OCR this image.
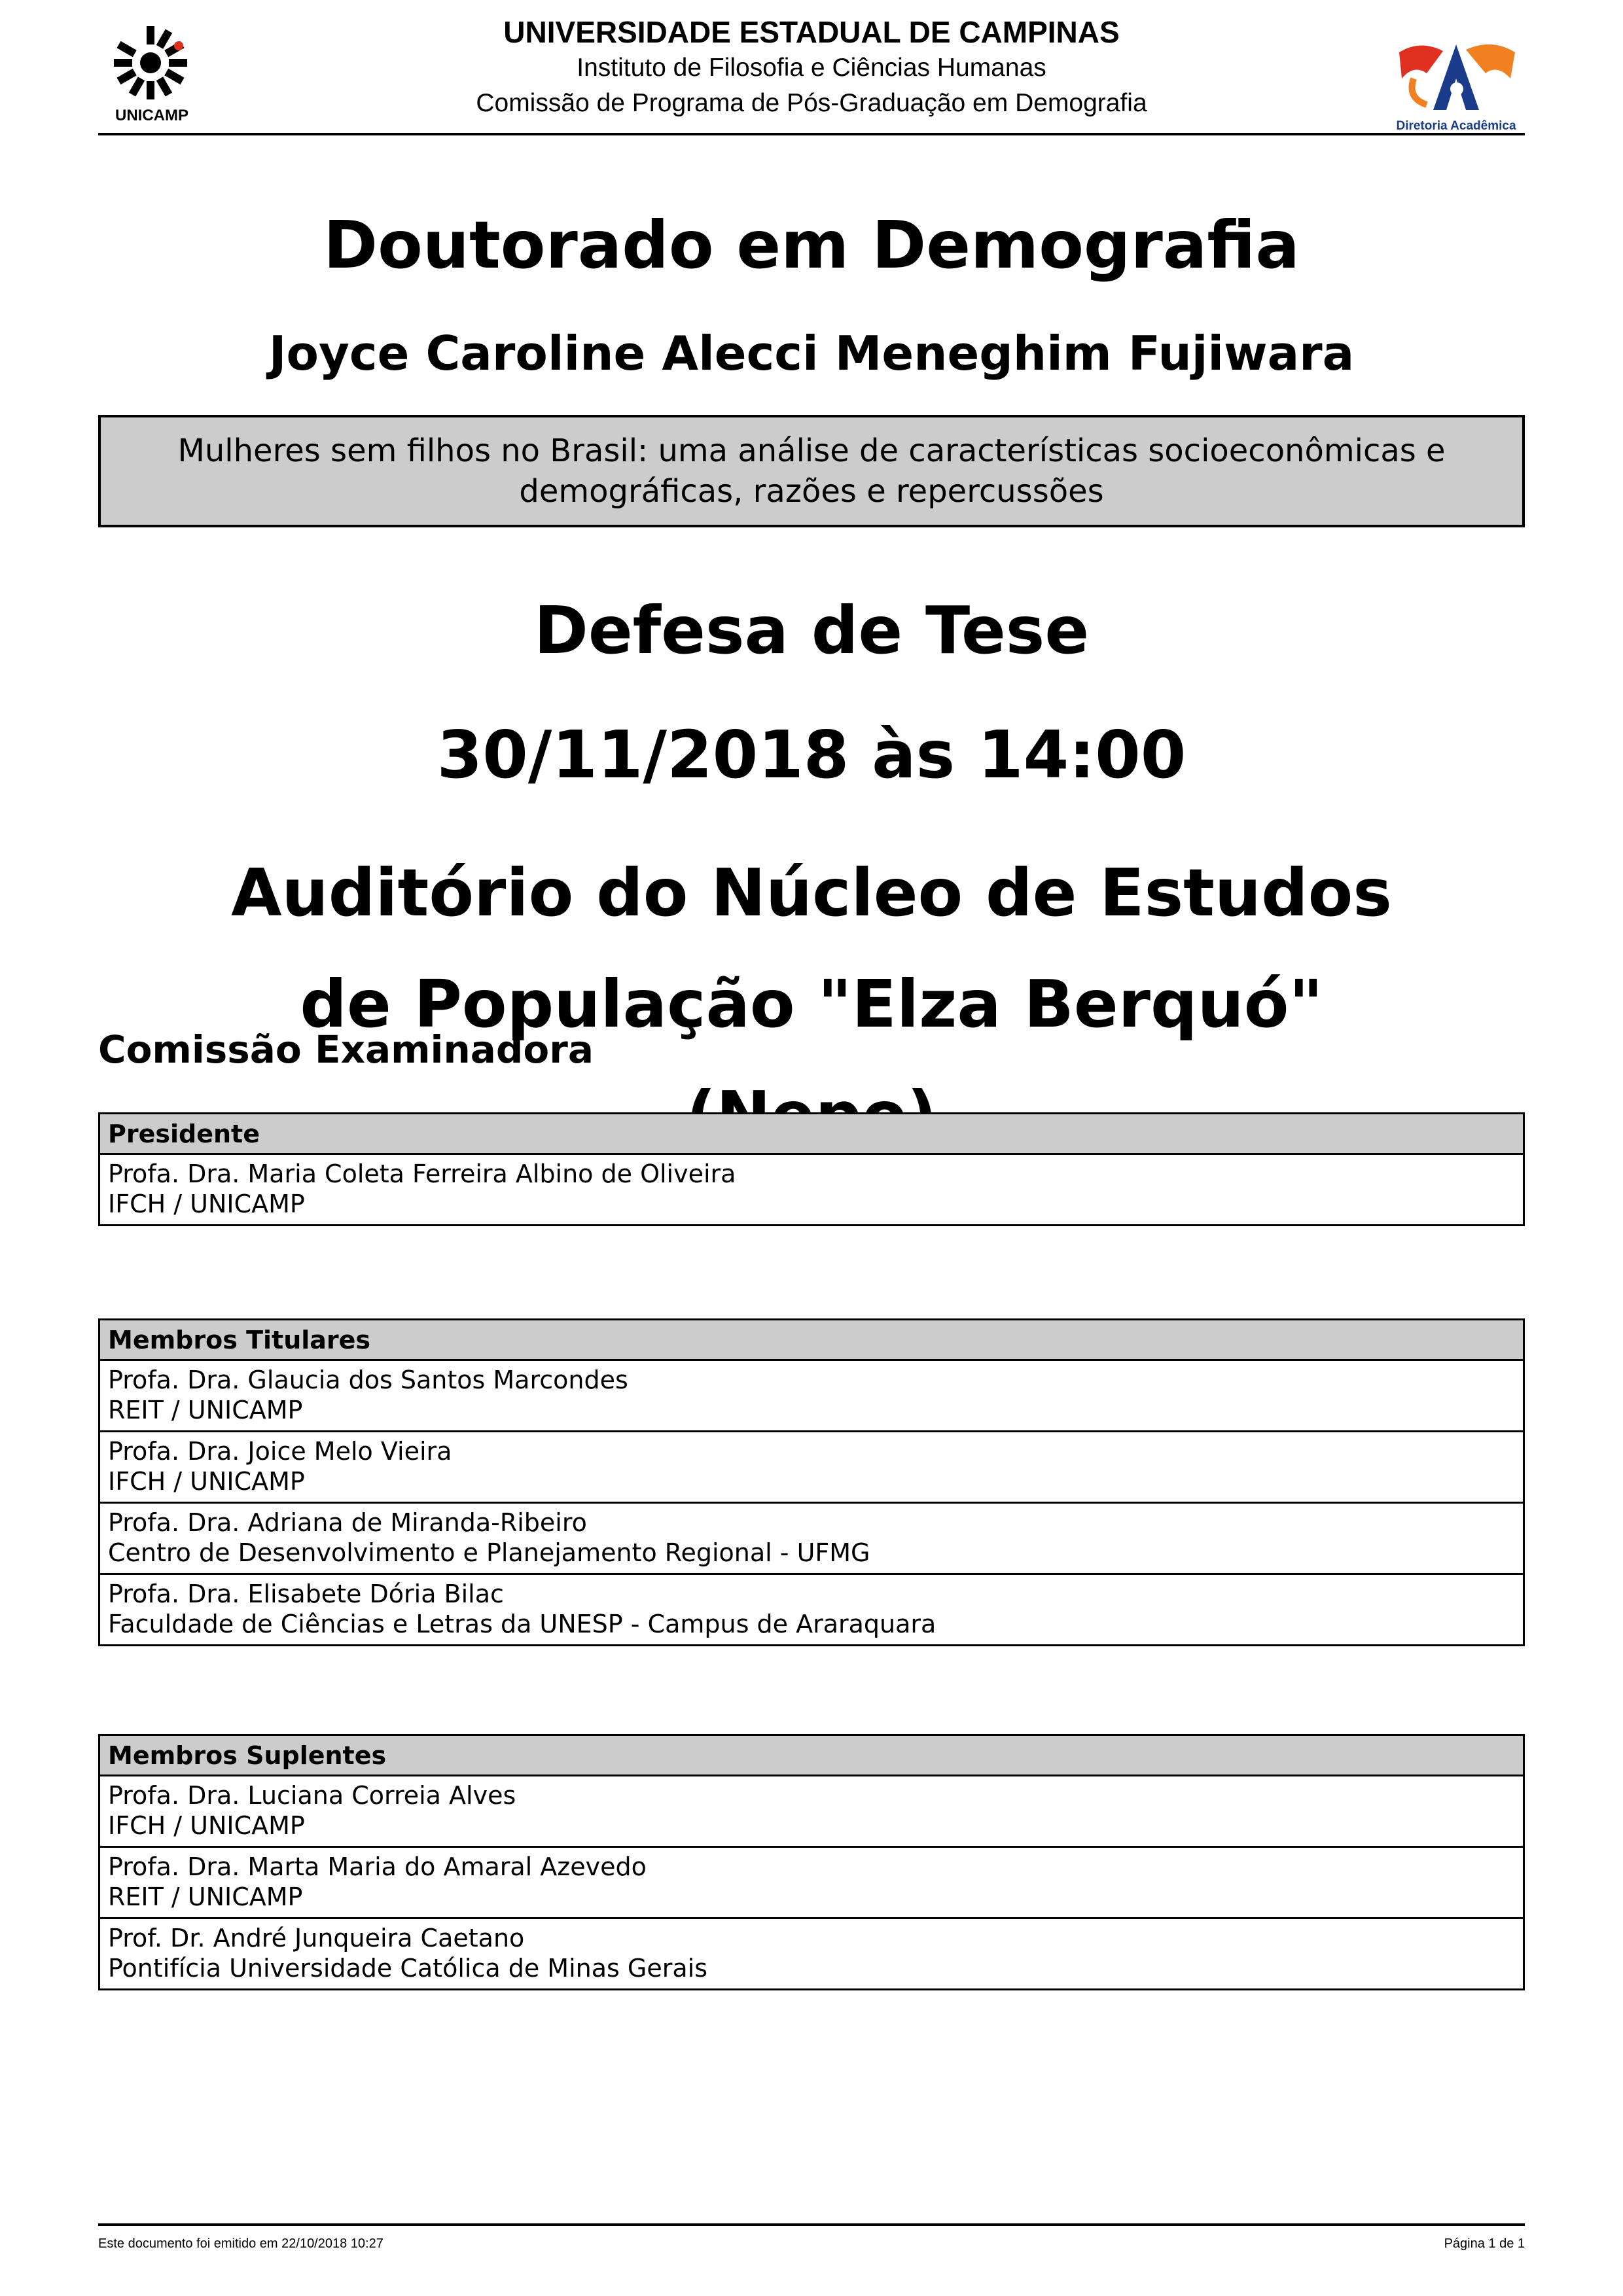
UNICAMP
UNIVERSIDADE ESTADUAL DE CAMPINAS
Instituto de Filosofia e Ciências Humanas
Comissão de Programa de Pós-Graduação em Demografia
Diretoria Acadêmica
Doutorado em Demografia
Joyce Caroline Alecci Meneghim Fujiwara
Mulheres sem filhos no Brasil: uma análise de características socioeconômicas e demográficas, razões e repercussões
Defesa de Tese
30/11/2018 às 14:00
Auditório do Núcleo de Estudos de População "Elza Berquó"
Comissão Examinadora
Presidente

Profa. Dra. Maria Coleta Ferreira Albino de Oliveira
IFCH / UNICAMP
Membros Titulares

Profa. Dra. Glaucia dos Santos Marcondes
REIT / UNICAMP

Profa. Dra. Joice Melo Vieira
IFCH / UNICAMP

Profa. Dra. Adriana de Miranda-Ribeiro
Centro de Desenvolvimento e Planejamento Regional - UFMG

Profa. Dra. Elisabete Dória Bilac
Faculdade de Ciências e Letras da UNESP - Campus de Araraquara
Membros Suplentes

Profa. Dra. Luciana Correia Alves
IFCH / UNICAMP

Profa. Dra. Marta Maria do Amaral Azevedo
REIT / UNICAMP

Prof. Dr. André Junqueira Caetano
Pontifícia Universidade Católica de Minas Gerais
Este documento foi emitido em 22/10/2018 10:27	Página 1 de 1
